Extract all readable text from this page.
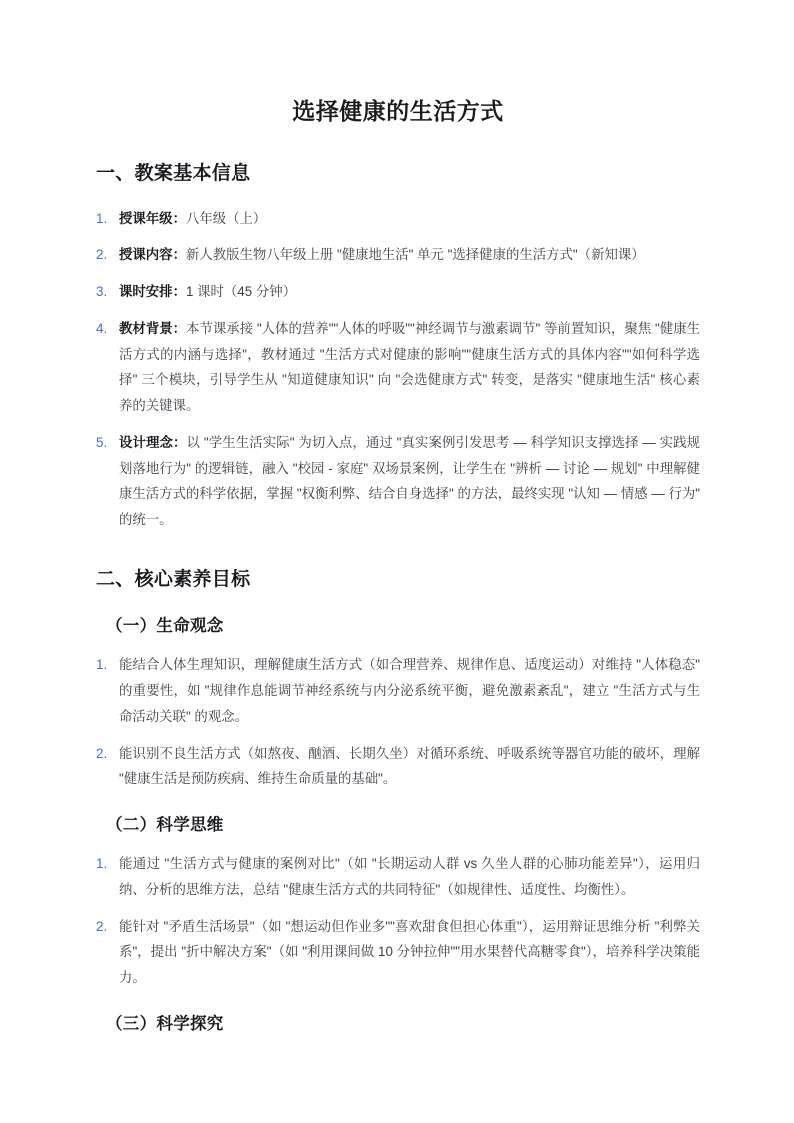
选择健康的生活方式
一、教案基本信息
1. 授课年级：八年级（上）
2. 授课内容：新人教版生物八年级上册 "健康地生活" 单元 "选择健康的生活方式"（新知课）
3. 课时安排：1 课时（45 分钟）
4. 教材背景：本节课承接 "人体的营养""人体的呼吸""神经调节与激素调节" 等前置知识，聚焦 "健康生活方式的内涵与选择"，教材通过 "生活方式对健康的影响""健康生活方式的具体内容""如何科学选择" 三个模块，引导学生从 "知道健康知识" 向 "会选健康方式" 转变，是落实 "健康地生活" 核心素养的关键课。
5. 设计理念：以 "学生生活实际" 为切入点，通过 "真实案例引发思考 — 科学知识支撑选择 — 实践规划落地行为" 的逻辑链，融入 "校园 - 家庭" 双场景案例，让学生在 "辨析 — 讨论 — 规划" 中理解健康生活方式的科学依据，掌握 "权衡利弊、结合自身选择" 的方法，最终实现 "认知 — 情感 — 行为" 的统一。
二、核心素养目标
（一）生命观念
1. 能结合人体生理知识，理解健康生活方式（如合理营养、规律作息、适度运动）对维持 "人体稳态" 的重要性，如 "规律作息能调节神经系统与内分泌系统平衡，避免激素紊乱"，建立 "生活方式与生命活动关联" 的观念。
2. 能识别不良生活方式（如熬夜、酗酒、长期久坐）对循环系统、呼吸系统等器官功能的破坏，理解 "健康生活是预防疾病、维持生命质量的基础"。
（二）科学思维
1. 能通过 "生活方式与健康的案例对比"（如 "长期运动人群 vs 久坐人群的心肺功能差异"），运用归纳、分析的思维方法，总结 "健康生活方式的共同特征"（如规律性、适度性、均衡性）。
2. 能针对 "矛盾生活场景"（如 "想运动但作业多""喜欢甜食但担心体重"），运用辩证思维分析 "利弊关系"，提出 "折中解决方案"（如 "利用课间做 10 分钟拉伸""用水果替代高糖零食"），培养科学决策能力。
（三）科学探究
